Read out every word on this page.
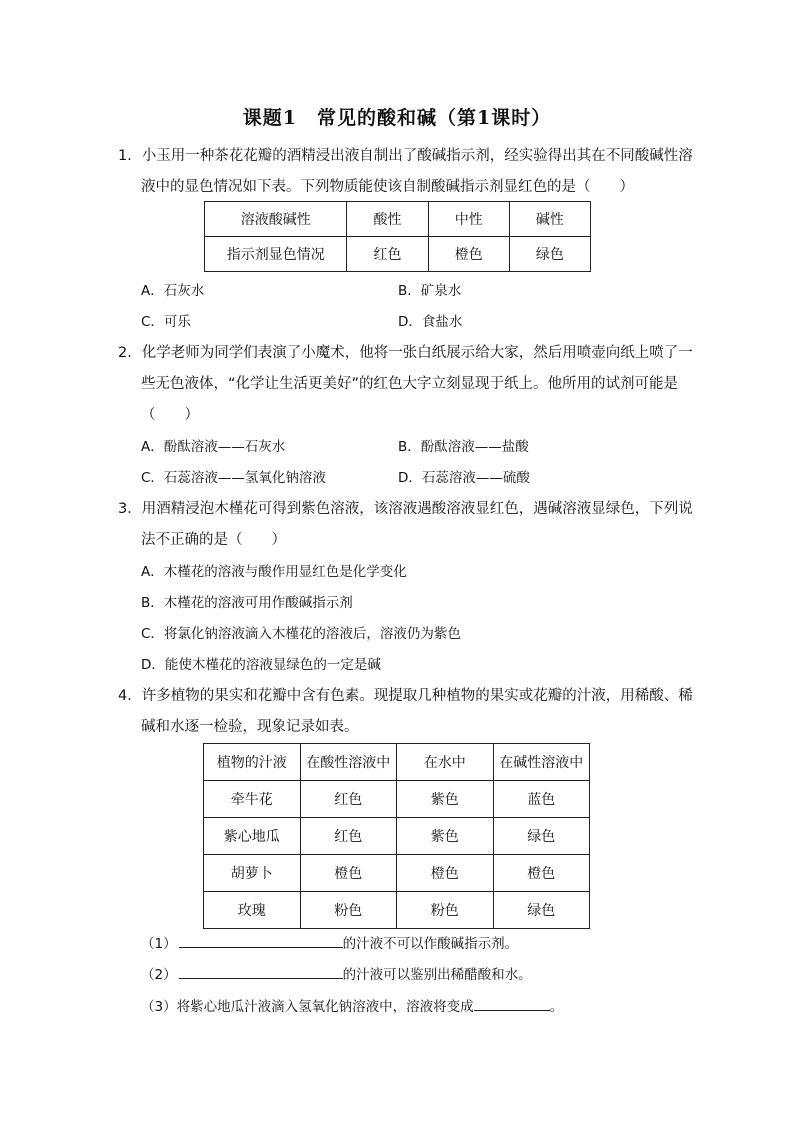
课题1　常见的酸和碱（第1课时）
1．小玉用一种茶花花瓣的酒精浸出液自制出了酸碱指示剂，经实验得出其在不同酸碱性溶
液中的显色情况如下表。下列物质能使该自制酸碱指示剂显红色的是（　　）
溶液酸碱性	酸性	中性	碱性
指示剂显色情况	红色	橙色	绿色
A．石灰水	B．矿泉水
C．可乐	D．食盐水
2．化学老师为同学们表演了小魔术，他将一张白纸展示给大家，然后用喷壶向纸上喷了一
些无色液体，“化学让生活更美好”的红色大字立刻显现于纸上。他所用的试剂可能是
（　　）
A．酚酞溶液——石灰水	B．酚酞溶液——盐酸
C．石蕊溶液——氢氧化钠溶液	D．石蕊溶液——硫酸
3．用酒精浸泡木槿花可得到紫色溶液，该溶液遇酸溶液显红色，遇碱溶液显绿色，下列说
法不正确的是（　　）
A．木槿花的溶液与酸作用显红色是化学变化
B．木槿花的溶液可用作酸碱指示剂
C．将氯化钠溶液滴入木槿花的溶液后，溶液仍为紫色
D．能使木槿花的溶液显绿色的一定是碱
4．许多植物的果实和花瓣中含有色素。现提取几种植物的果实或花瓣的汁液，用稀酸、稀
碱和水逐一检验，现象记录如表。
植物的汁液	在酸性溶液中	在水中	在碱性溶液中
牵牛花	红色	紫色	蓝色
紫心地瓜	红色	紫色	绿色
胡萝卜	橙色	橙色	橙色
玫瑰	粉色	粉色	绿色
（1）	的汁液不可以作酸碱指示剂。
（2）	的汁液可以鉴别出稀醋酸和水。
（3）将紫心地瓜汁液滴入氢氧化钠溶液中，溶液将变成	。
